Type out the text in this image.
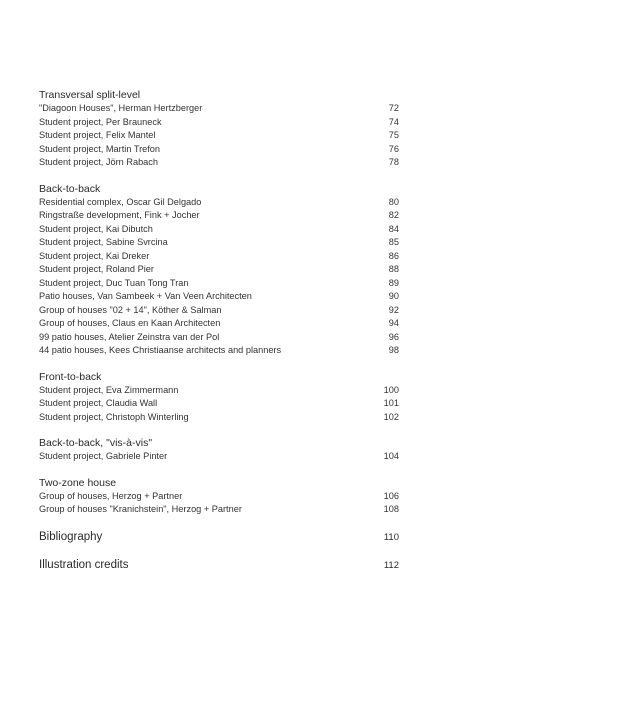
Transversal split-level
"Diagoon Houses", Herman Hertzberger	72
Student project, Per Brauneck	74
Student project, Felix Mantel	75
Student project, Martin Trefon	76
Student project, Jörn Rabach	78
Back-to-back
Residential complex, Oscar Gil Delgado	80
Ringstraße development, Fink + Jocher	82
Student project, Kai Dibutch	84
Student project, Sabine Svrcina	85
Student project, Kai Dreker	86
Student project, Roland Pier	88
Student project, Duc Tuan Tong Tran	89
Patio houses, Van Sambeek + Van Veen Architecten	90
Group of houses "02 + 14", Köther & Salman	92
Group of houses, Claus en Kaan Architecten	94
99 patio houses, Atelier Zeinstra van der Pol	96
44 patio houses, Kees Christiaanse architects and planners	98
Front-to-back
Student project, Eva Zimmermann	100
Student project, Claudia Wall	101
Student project, Christoph Winterling	102
Back-to-back, "vis-à-vis"
Student project, Gabriele Pinter	104
Two-zone house
Group of houses, Herzog + Partner	106
Group of houses "Kranichstein", Herzog + Partner	108
Bibliography	110
Illustration credits	112
